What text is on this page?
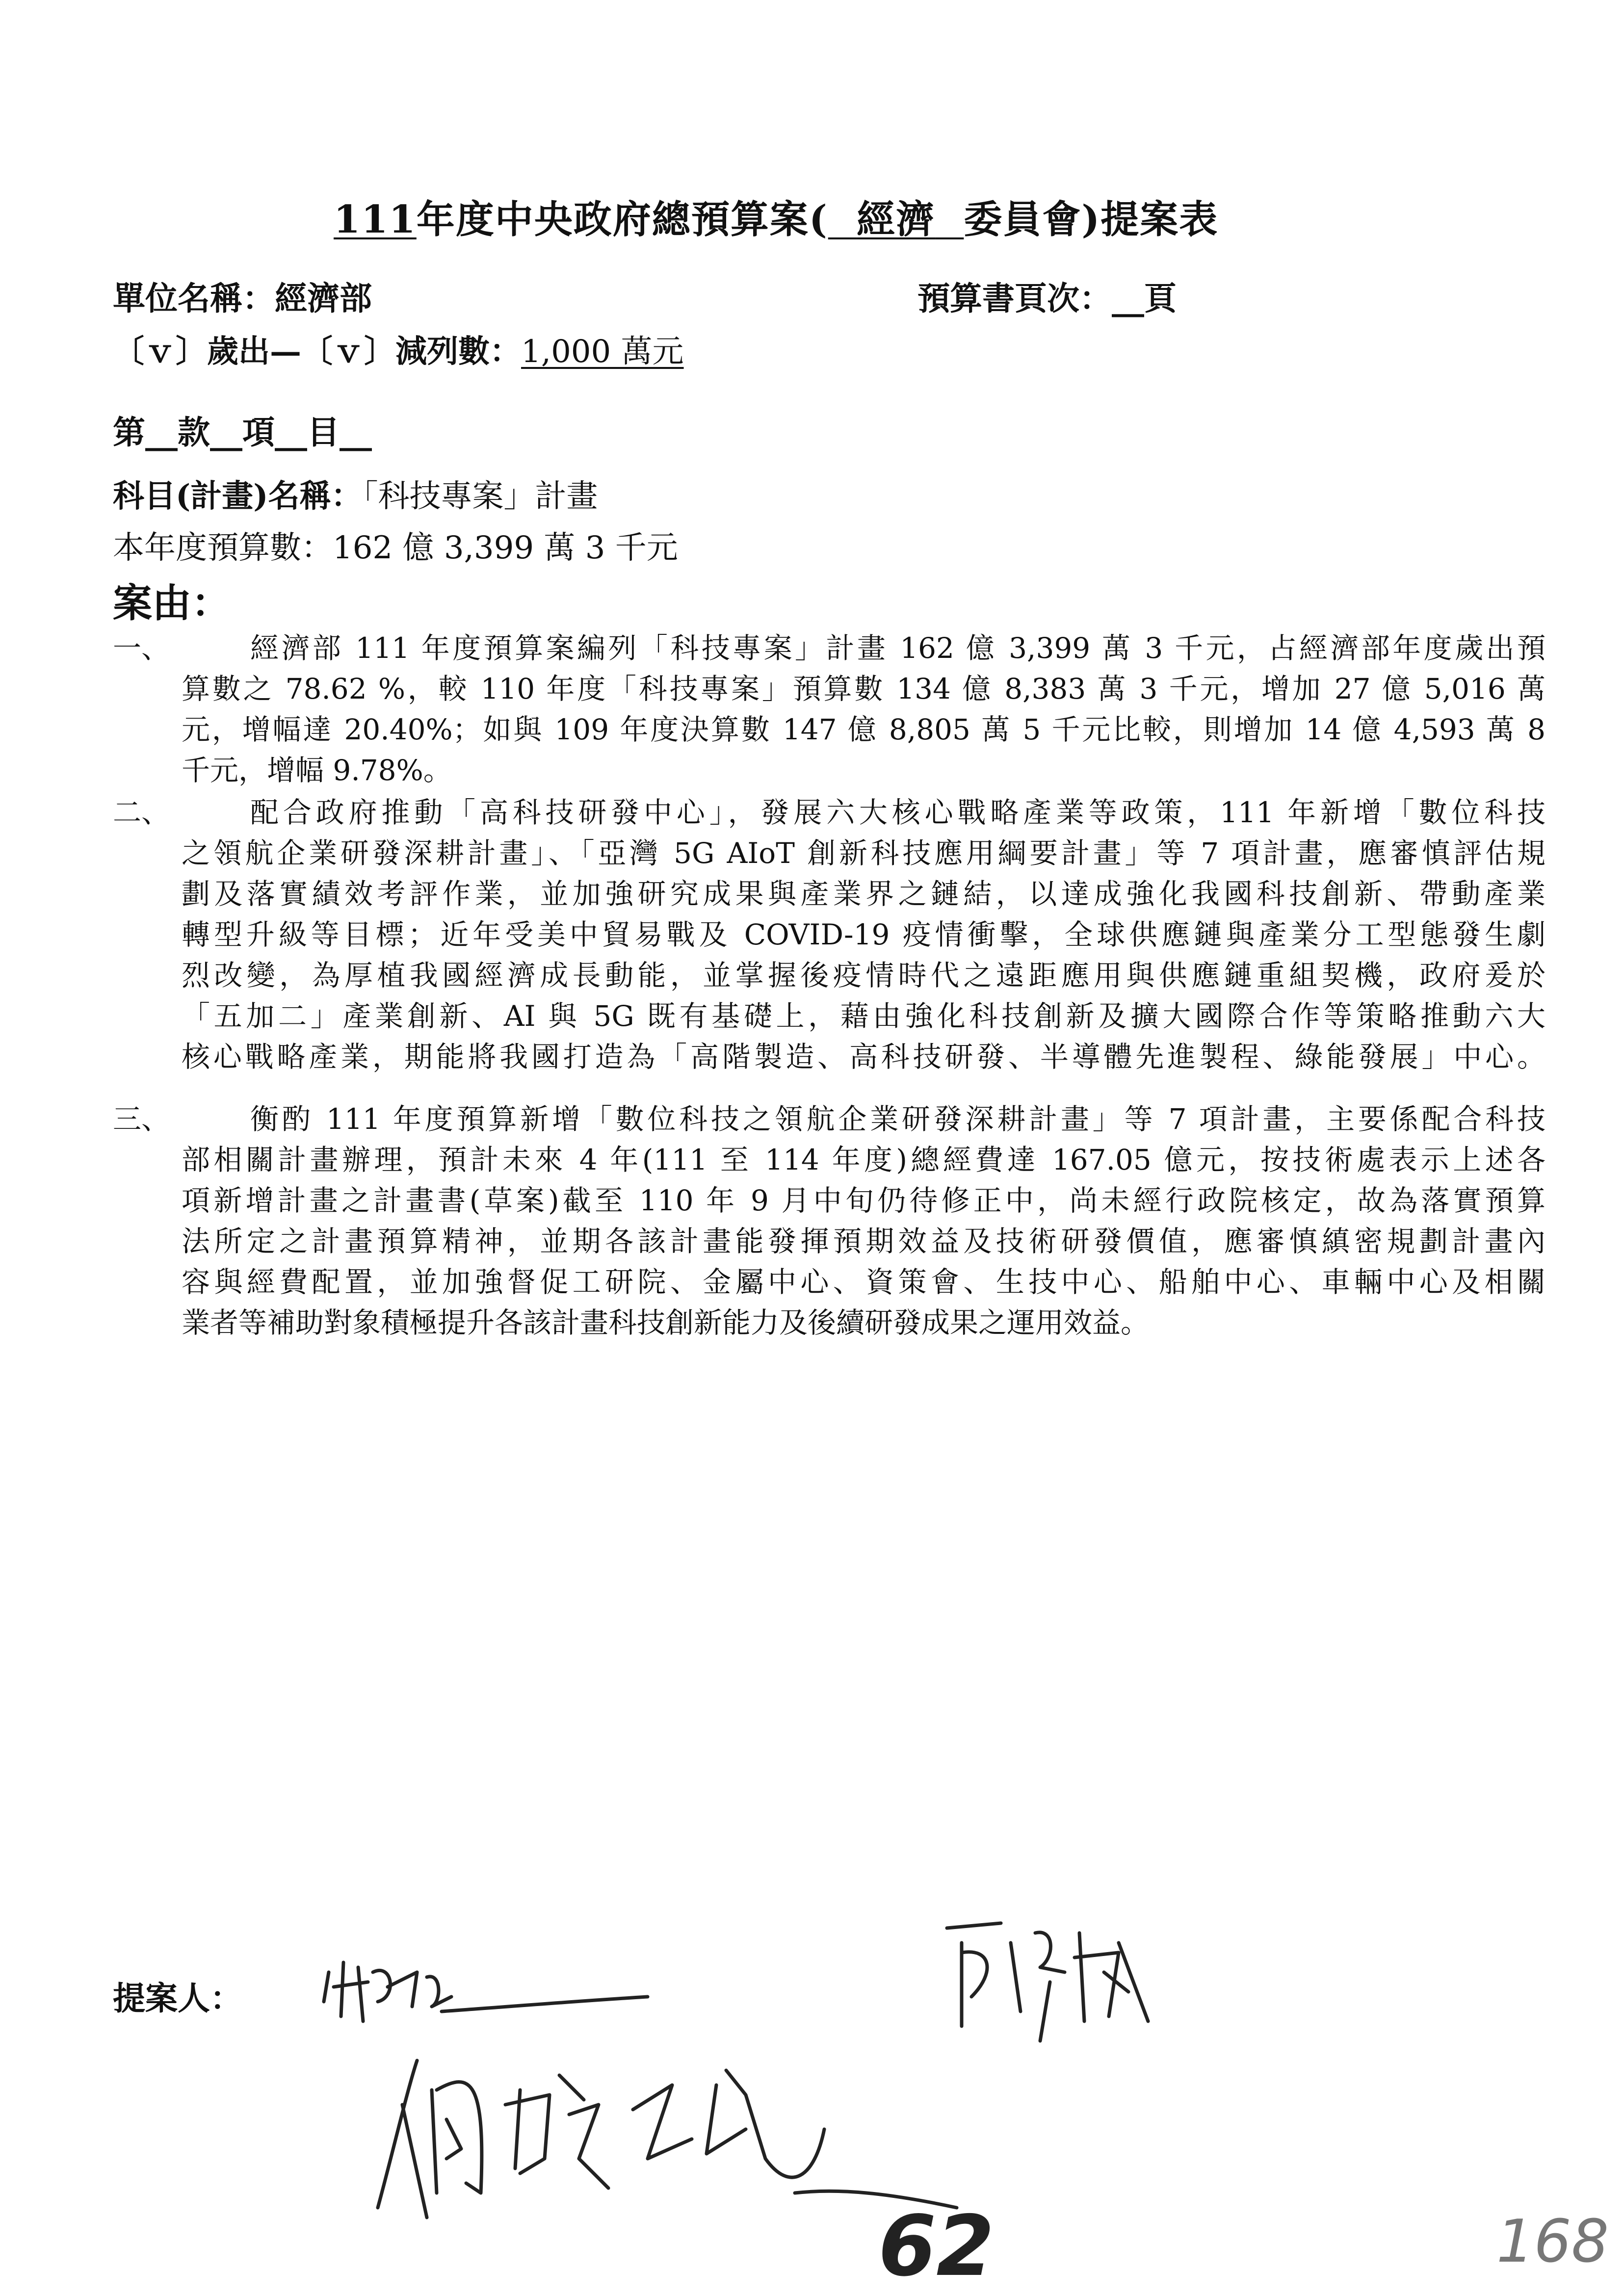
111年度中央政府總預算案( 經濟 委員會)提案表
單位名稱：經濟部	預算書頁次：__頁
〔ｖ〕歲出—〔ｖ〕減列數：1,000 萬元
第__款__項__目__
科目(計畫)名稱：「科技專案」計畫
本年度預算數：162 億 3,399 萬 3 千元
案由：
一、	經濟部 111 年度預算案編列「科技專案」計畫 162 億 3,399 萬 3 千元，占經濟部年度歲出預
算數之 78.62 %，較 110 年度「科技專案」預算數 134 億 8,383 萬 3 千元，增加 27 億 5,016 萬
元，增幅達 20.40%；如與 109 年度決算數 147 億 8,805 萬 5 千元比較，則增加 14 億 4,593 萬 8
千元，增幅 9.78%。
二、	配合政府推動「高科技研發中心」，發展六大核心戰略產業等政策，111 年新增「數位科技
之領航企業研發深耕計畫」、「亞灣 5G AIoT 創新科技應用綱要計畫」等 7 項計畫，應審慎評估規
劃及落實績效考評作業，並加強研究成果與產業界之鏈結，以達成強化我國科技創新、帶動產業
轉型升級等目標；近年受美中貿易戰及 COVID-19 疫情衝擊，全球供應鏈與產業分工型態發生劇
烈改變，為厚植我國經濟成長動能，並掌握後疫情時代之遠距應用與供應鏈重組契機，政府爰於
「五加二」產業創新、AI 與 5G 既有基礎上，藉由強化科技創新及擴大國際合作等策略推動六大
核心戰略產業，期能將我國打造為「高階製造、高科技研發、半導體先進製程、綠能發展」中心。
三、	衡酌 111 年度預算新增「數位科技之領航企業研發深耕計畫」等 7 項計畫，主要係配合科技
部相關計畫辦理，預計未來 4 年(111 至 114 年度)總經費達 167.05 億元，按技術處表示上述各
項新增計畫之計畫書(草案)截至 110 年 9 月中旬仍待修正中，尚未經行政院核定，故為落實預算
法所定之計畫預算精神，並期各該計畫能發揮預期效益及技術研發價值，應審慎縝密規劃計畫內
容與經費配置，並加強督促工研院、金屬中心、資策會、生技中心、船舶中心、車輛中心及相關
業者等補助對象積極提升各該計畫科技創新能力及後續研發成果之運用效益。
提案人：
62	168
